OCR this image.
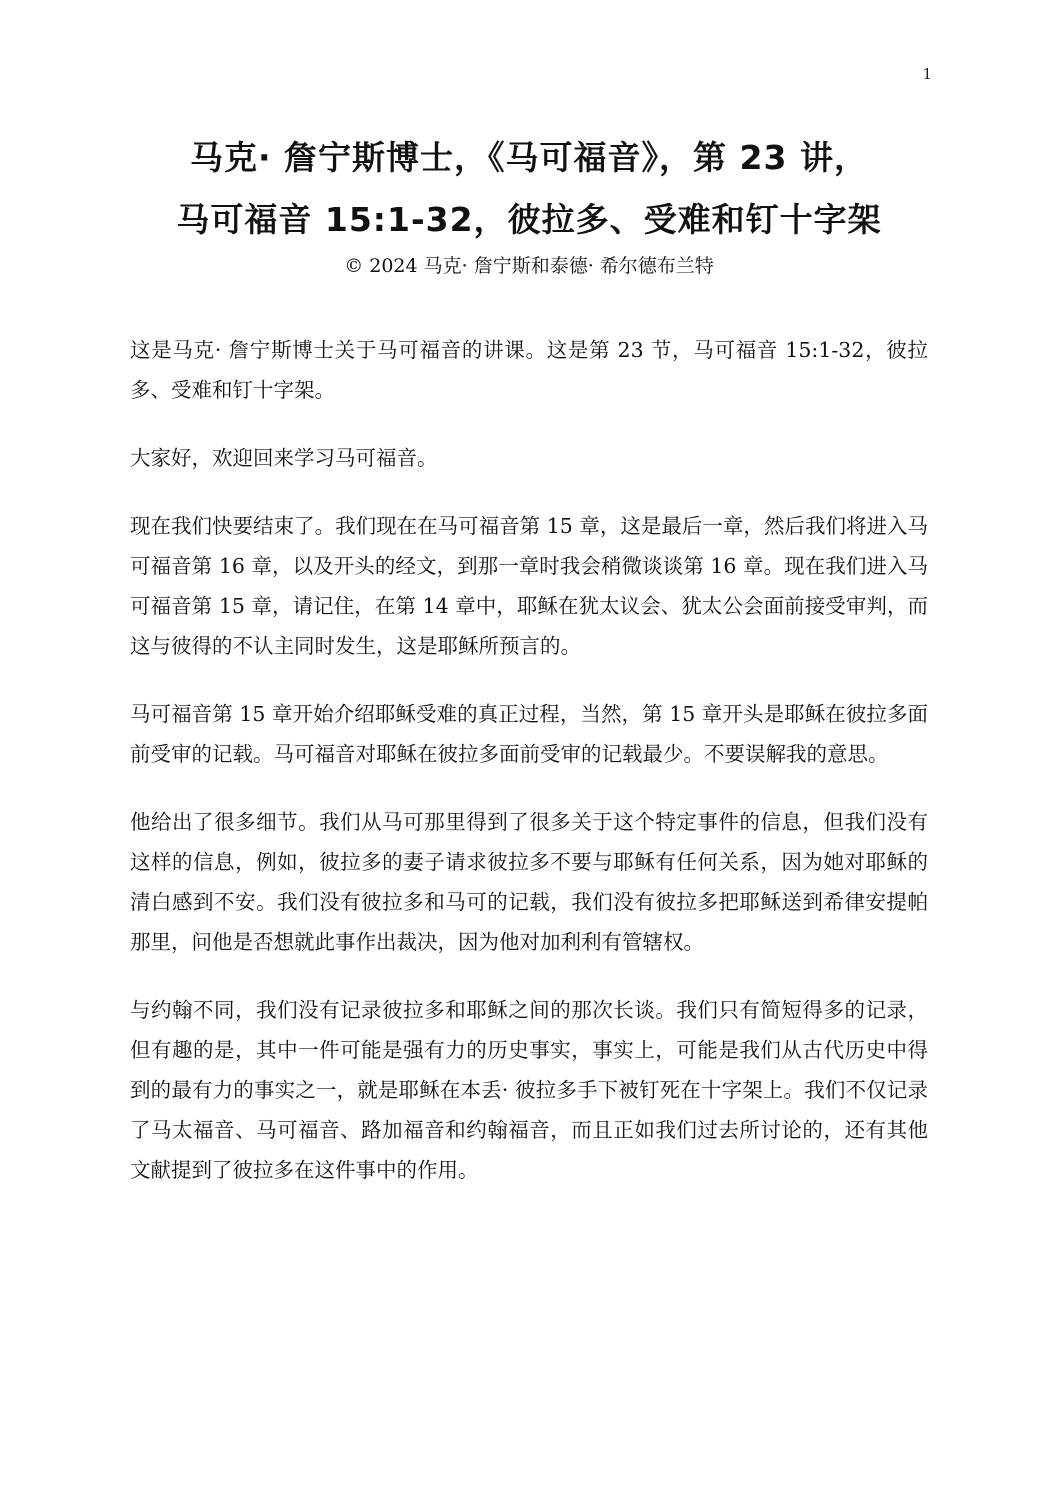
1
马克· 詹宁斯博士，《马可福音》，第 23 讲，
马可福音 15:1-32，彼拉多、受难和钉十字架
© 2024 马克· 詹宁斯和泰德· 希尔德布兰特

这是马克· 詹宁斯博士关于马可福音的讲课。这是第 23 节，马可福音 15:1-32，彼拉多、受难和钉十字架。

大家好，欢迎回来学习马可福音。

现在我们快要结束了。我们现在在马可福音第 15 章，这是最后一章，然后我们将进入马可福音第 16 章，以及开头的经文，到那一章时我会稍微谈谈第 16 章。现在我们进入马可福音第 15 章，请记住，在第 14 章中，耶稣在犹太议会、犹太公会面前接受审判，而这与彼得的不认主同时发生，这是耶稣所预言的。

马可福音第 15 章开始介绍耶稣受难的真正过程，当然，第 15 章开头是耶稣在彼拉多面前受审的记载。马可福音对耶稣在彼拉多面前受审的记载最少。不要误解我的意思。

他给出了很多细节。我们从马可那里得到了很多关于这个特定事件的信息，但我们没有这样的信息，例如，彼拉多的妻子请求彼拉多不要与耶稣有任何关系，因为她对耶稣的清白感到不安。我们没有彼拉多和马可的记载，我们没有彼拉多把耶稣送到希律安提帕那里，问他是否想就此事作出裁决，因为他对加利利有管辖权。

与约翰不同，我们没有记录彼拉多和耶稣之间的那次长谈。我们只有简短得多的记录，但有趣的是，其中一件可能是强有力的历史事实，事实上，可能是我们从古代历史中得到的最有力的事实之一，就是耶稣在本丢· 彼拉多手下被钉死在十字架上。我们不仅记录了马太福音、马可福音、路加福音和约翰福音，而且正如我们过去所讨论的，还有其他文献提到了彼拉多在这件事中的作用。
